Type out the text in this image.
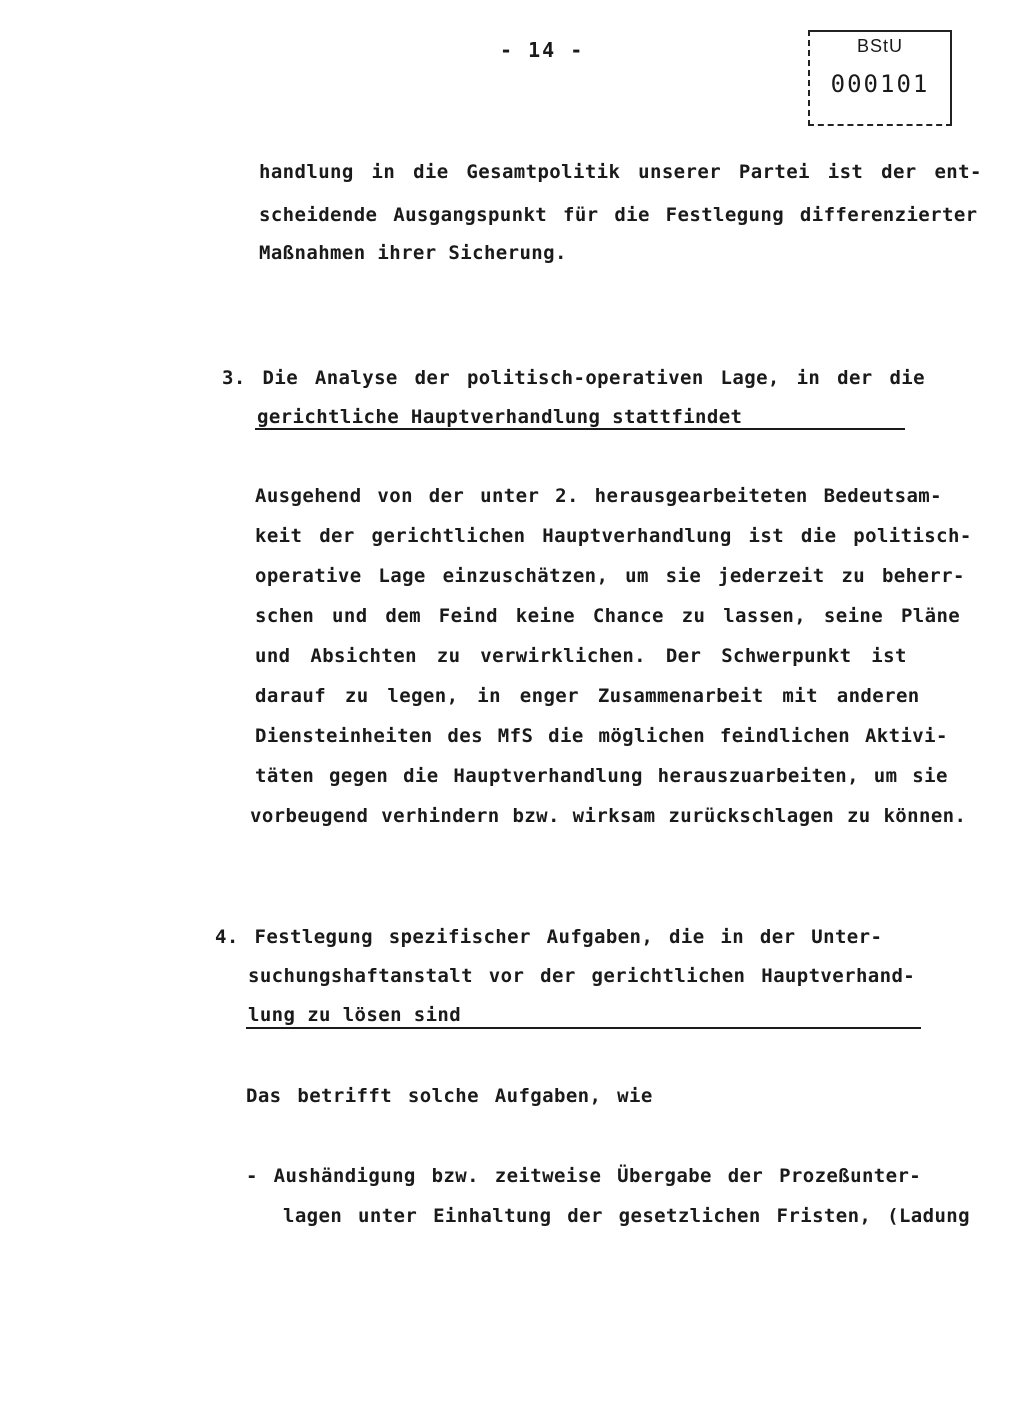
- 14 -	BStU
000101
handlung in die Gesamtpolitik unserer Partei ist der ent-
scheidende Ausgangspunkt für die Festlegung differenzierter
Maßnahmen ihrer Sicherung.
3. Die Analyse der politisch-operativen Lage, in der die
gerichtliche Hauptverhandlung stattfindet
Ausgehend von der unter 2. herausgearbeiteten Bedeutsam-
keit der gerichtlichen Hauptverhandlung ist die politisch-
operative Lage einzuschätzen, um sie jederzeit zu beherr-
schen und dem Feind keine Chance zu lassen, seine Pläne
und Absichten zu verwirklichen. Der Schwerpunkt ist
darauf zu legen, in enger Zusammenarbeit mit anderen
Diensteinheiten des MfS die möglichen feindlichen Aktivi-
täten gegen die Hauptverhandlung herauszuarbeiten, um sie
vorbeugend verhindern bzw. wirksam zurückschlagen zu können.
4. Festlegung spezifischer Aufgaben, die in der Unter-
suchungshaftanstalt vor der gerichtlichen Hauptverhand-
lung zu lösen sind
Das betrifft solche Aufgaben, wie
- Aushändigung bzw. zeitweise Übergabe der Prozeßunter-
lagen unter Einhaltung der gesetzlichen Fristen, (Ladung
